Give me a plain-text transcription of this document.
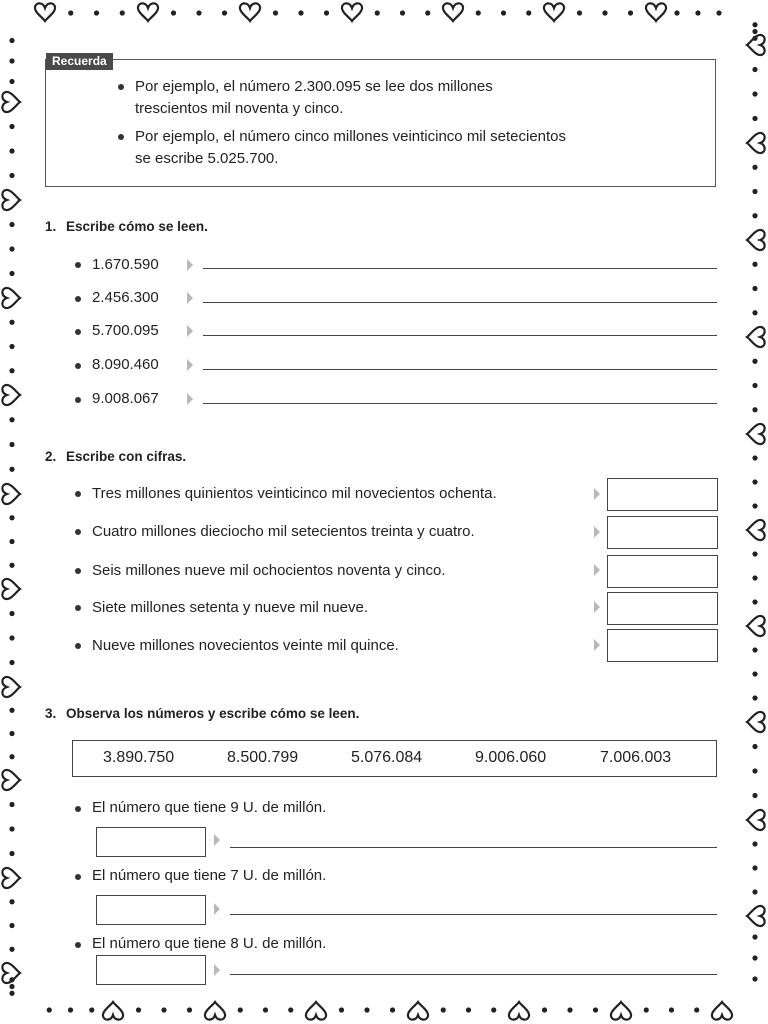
Recuerda
Por ejemplo, el número 2.300.095 se lee dos millones
trescientos mil noventa y cinco.
Por ejemplo, el número cinco millones veinticinco mil setecientos
se escribe 5.025.700.
1. Escribe cómo se leen.
1.670.590
2.456.300
5.700.095
8.090.460
9.008.067
2. Escribe con cifras.
Tres millones quinientos veinticinco mil novecientos ochenta.
Cuatro millones dieciocho mil setecientos treinta y cuatro.
Seis millones nueve mil ochocientos noventa y cinco.
Siete millones setenta y nueve mil nueve.
Nueve millones novecientos veinte mil quince.
3. Observa los números y escribe cómo se leen.
3.890.750	8.500.799	5.076.084	9.006.060	7.006.003
El número que tiene 9 U. de millón.
El número que tiene 7 U. de millón.
El número que tiene 8 U. de millón.
